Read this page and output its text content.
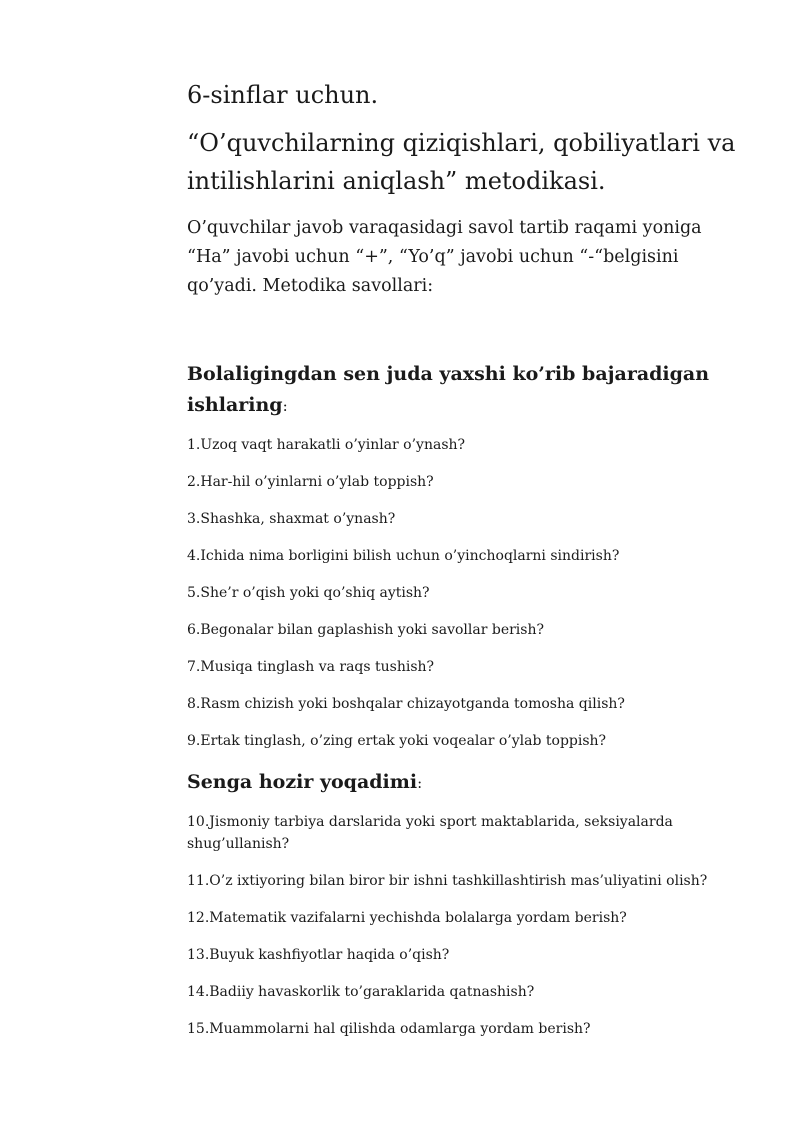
6-sinflar uchun.

“O’quvchilarning qiziqishlari, qobiliyatlari va intilishlarini aniqlash” metodikasi.

O’quvchilar javob varaqasidagi savol tartib raqami yoniga “Ha” javobi uchun “+”, “Yo’q” javobi uchun “-“belgisini qo’yadi. Metodika savollari:

Bolaligingdan sen juda yaxshi ko’rib bajaradigan ishlaring:

1.Uzoq vaqt harakatli o’yinlar o’ynash?
2.Har-hil o’yinlarni o’ylab toppish?
3.Shashka, shaxmat o’ynash?
4.Ichida nima borligini bilish uchun o’yinchoqlarni sindirish?
5.She’r o’qish yoki qo’shiq aytish?
6.Begonalar bilan gaplashish yoki savollar berish?
7.Musiqa tinglash va raqs tushish?
8.Rasm chizish yoki boshqalar chizayotganda tomosha qilish?
9.Ertak tinglash, o’zing ertak yoki voqealar o’ylab toppish?

Senga hozir yoqadimi:

10.Jismoniy tarbiya darslarida yoki sport maktablarida, seksiyalarda shug’ullanish?
11.O’z ixtiyoring bilan biror bir ishni tashkillashtirish mas’uliyatini olish?
12.Matematik vazifalarni yechishda bolalarga yordam berish?
13.Buyuk kashfiyotlar haqida o’qish?
14.Badiiy havaskorlik to’garaklarida qatnashish?
15.Muammolarni hal qilishda odamlarga yordam berish?
